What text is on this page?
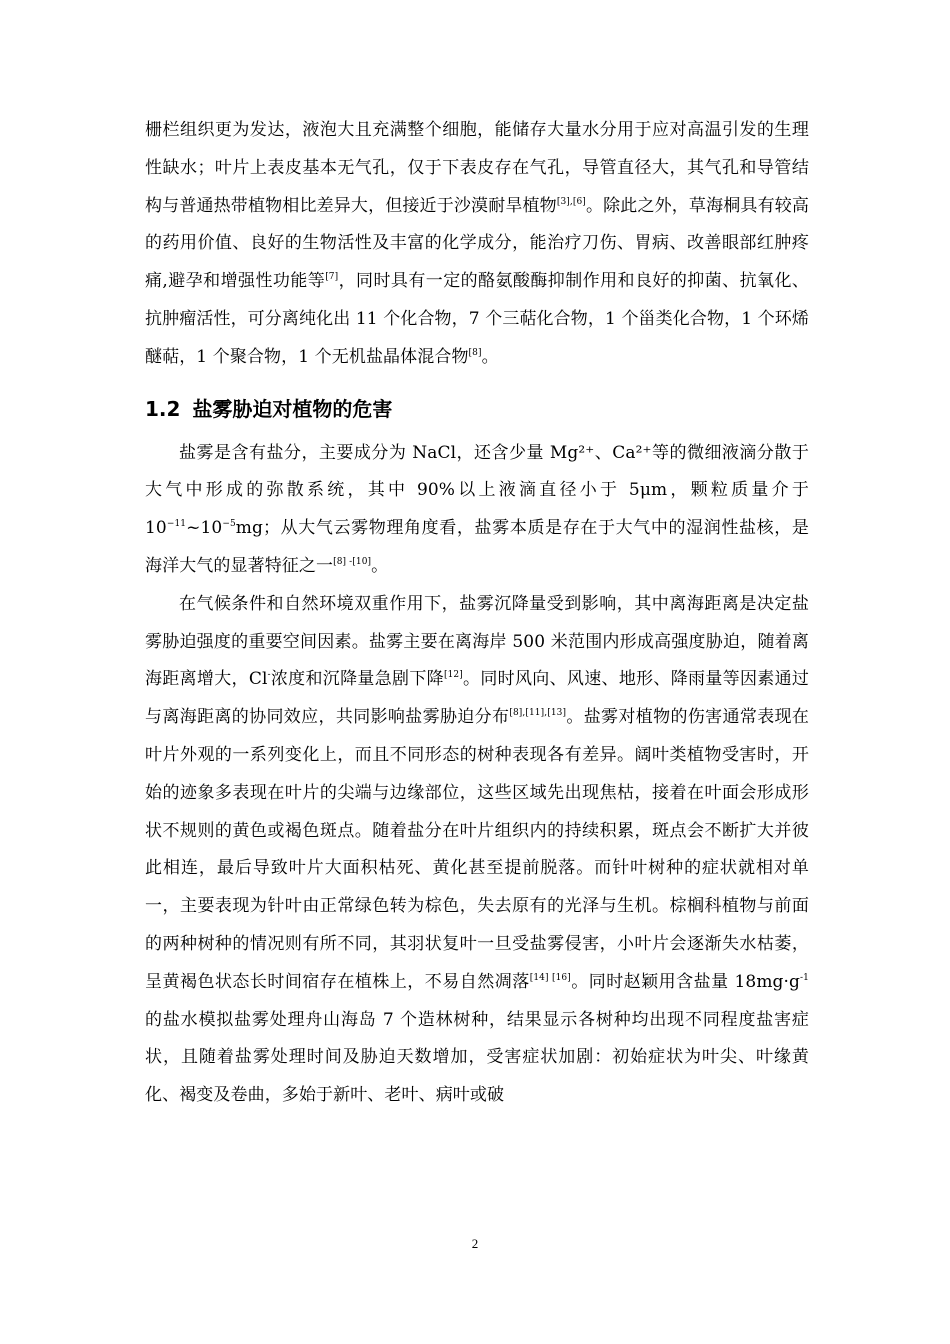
栅栏组织更为发达，液泡大且充满整个细胞，能储存大量水分用于应对高温引发的生理性缺水；叶片上表皮基本无气孔，仅于下表皮存在气孔，导管直径大，其气孔和导管结构与普通热带植物相比差异大，但接近于沙漠耐旱植物[3],[6]。除此之外，草海桐具有较高的药用价值、良好的生物活性及丰富的化学成分，能治疗刀伤、胃病、改善眼部红肿疼痛,避孕和增强性功能等[7]，同时具有一定的酪氨酸酶抑制作用和良好的抑菌、抗氧化、抗肿瘤活性，可分离纯化出 11 个化合物，7 个三萜化合物，1 个甾类化合物，1 个环烯醚萜，1 个聚合物，1 个无机盐晶体混合物[8]。

1.2 盐雾胁迫对植物的危害

盐雾是含有盐分，主要成分为 NaCl，还含少量 Mg²⁺、Ca²⁺等的微细液滴分散于大气中形成的弥散系统，其中 90%以上液滴直径小于 5μm，颗粒质量介于 $10^{-11}\sim 10^{-5}mg$；从大气云雾物理角度看，盐雾本质是存在于大气中的湿润性盐核，是海洋大气的显著特征之一[8] -[10]。

在气候条件和自然环境双重作用下，盐雾沉降量受到影响，其中离海距离是决定盐雾胁迫强度的重要空间因素。盐雾主要在离海岸 500 米范围内形成高强度胁迫，随着离海距离增大，Cl-浓度和沉降量急剧下降[12]。同时风向、风速、地形、降雨量等因素通过与离海距离的协同效应，共同影响盐雾胁迫分布[8],[11],[13]。盐雾对植物的伤害通常表现在叶片外观的一系列变化上，而且不同形态的树种表现各有差异。阔叶类植物受害时，开始的迹象多表现在叶片的尖端与边缘部位，这些区域先出现焦枯，接着在叶面会形成形状不规则的黄色或褐色斑点。随着盐分在叶片组织内的持续积累，斑点会不断扩大并彼此相连，最后导致叶片大面积枯死、黄化甚至提前脱落。而针叶树种的症状就相对单一，主要表现为针叶由正常绿色转为棕色，失去原有的光泽与生机。棕榈科植物与前面的两种树种的情况则有所不同，其羽状复叶一旦受盐雾侵害，小叶片会逐渐失水枯萎，呈黄褐色状态长时间宿存在植株上，不易自然凋落[14] [16]。同时赵颖用含盐量 $18mg\cdot g^{-1}$ 的盐水模拟盐雾处理舟山海岛 7 个造林树种，结果显示各树种均出现不同程度盐害症状，且随着盐雾处理时间及胁迫天数增加，受害症状加剧：初始症状为叶尖、叶缘黄化、褐变及卷曲，多始于新叶、老叶、病叶或破

2
